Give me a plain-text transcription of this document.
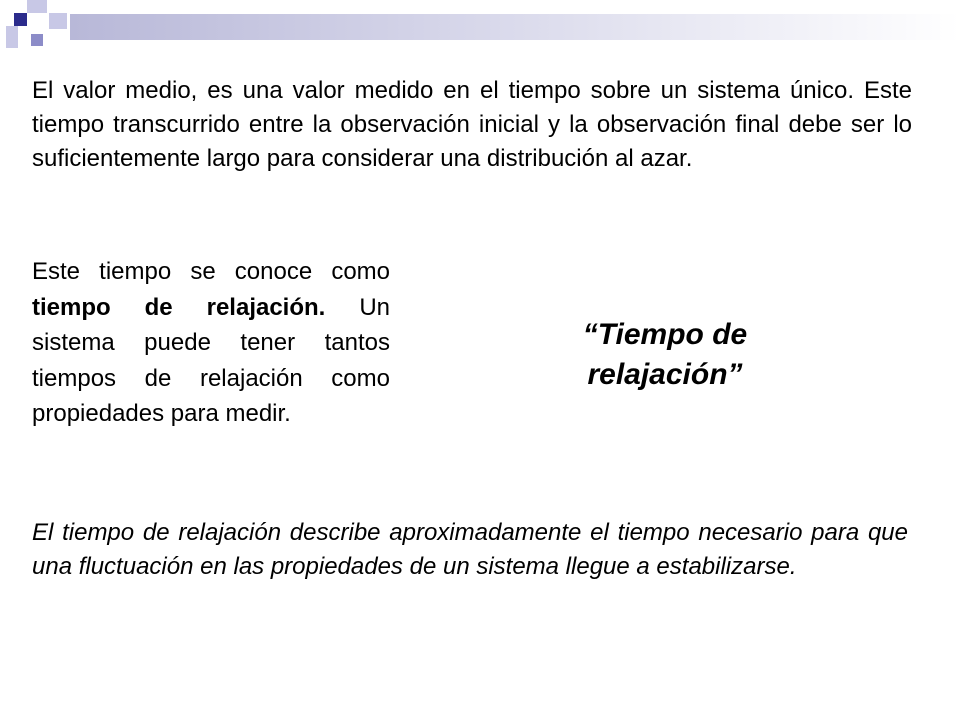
El valor medio, es una valor medido en el tiempo sobre un sistema único. Este tiempo transcurrido entre la observación inicial y la observación final debe ser lo suficientemente largo para considerar una distribución al azar.

Este tiempo se conoce como tiempo de relajación. Un sistema puede tener tantos tiempos de relajación como propiedades para medir.

“Tiempo de relajación”

El tiempo de relajación describe aproximadamente el tiempo necesario para que una fluctuación en las propiedades de un sistema llegue a estabilizarse.
